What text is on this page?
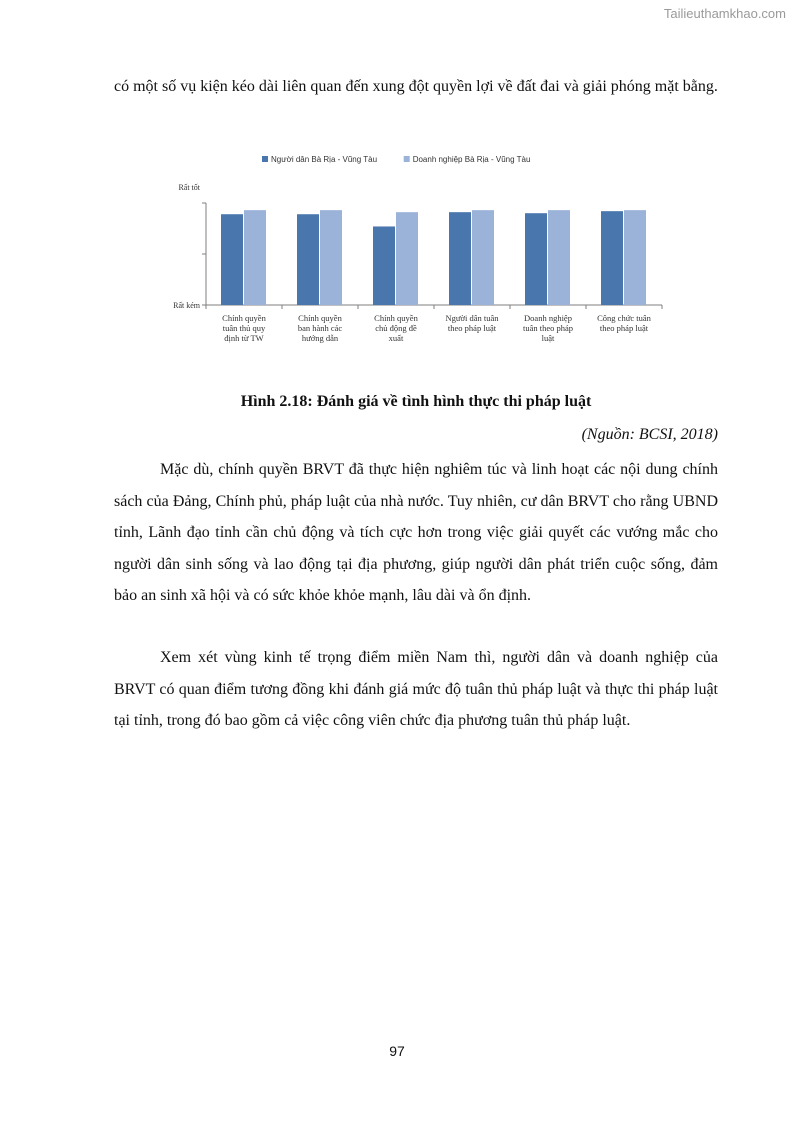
Tailieuthamkhao.com

có một số vụ kiện kéo dài liên quan đến xung đột quyền lợi về đất đai và giải phóng mặt bằng.

Người dân Bà Rịa - Vũng Tàu	Doanh nghiệp Bà Rịa - Vũng Tàu
Rất tốt
Rất kém
Chính quyền
tuân thủ quy
định từ TW
Chính quyền
ban hành các
hướng dẫn
Chính quyền
chủ động đề
xuất
Người dân tuân
theo pháp luật
Doanh nghiệp
tuân theo pháp
luật
Công chức tuân
theo pháp luật

Hình 2.18: Đánh giá về tình hình thực thi pháp luật

(Nguồn: BCSI, 2018)

Mặc dù, chính quyền BRVT đã thực hiện nghiêm túc và linh hoạt các nội dung chính sách của Đảng, Chính phủ, pháp luật của nhà nước. Tuy nhiên, cư dân BRVT cho rằng UBND tỉnh, Lãnh đạo tỉnh cần chủ động và tích cực hơn trong việc giải quyết các vướng mắc cho người dân sinh sống và lao động tại địa phương, giúp người dân phát triển cuộc sống, đảm bảo an sinh xã hội và có sức khỏe khỏe mạnh, lâu dài và ổn định.

Xem xét vùng kinh tế trọng điểm miền Nam thì, người dân và doanh nghiệp của BRVT có quan điểm tương đồng khi đánh giá mức độ tuân thủ pháp luật và thực thi pháp luật tại tỉnh, trong đó bao gồm cả việc công viên chức địa phương tuân thủ pháp luật.

97
